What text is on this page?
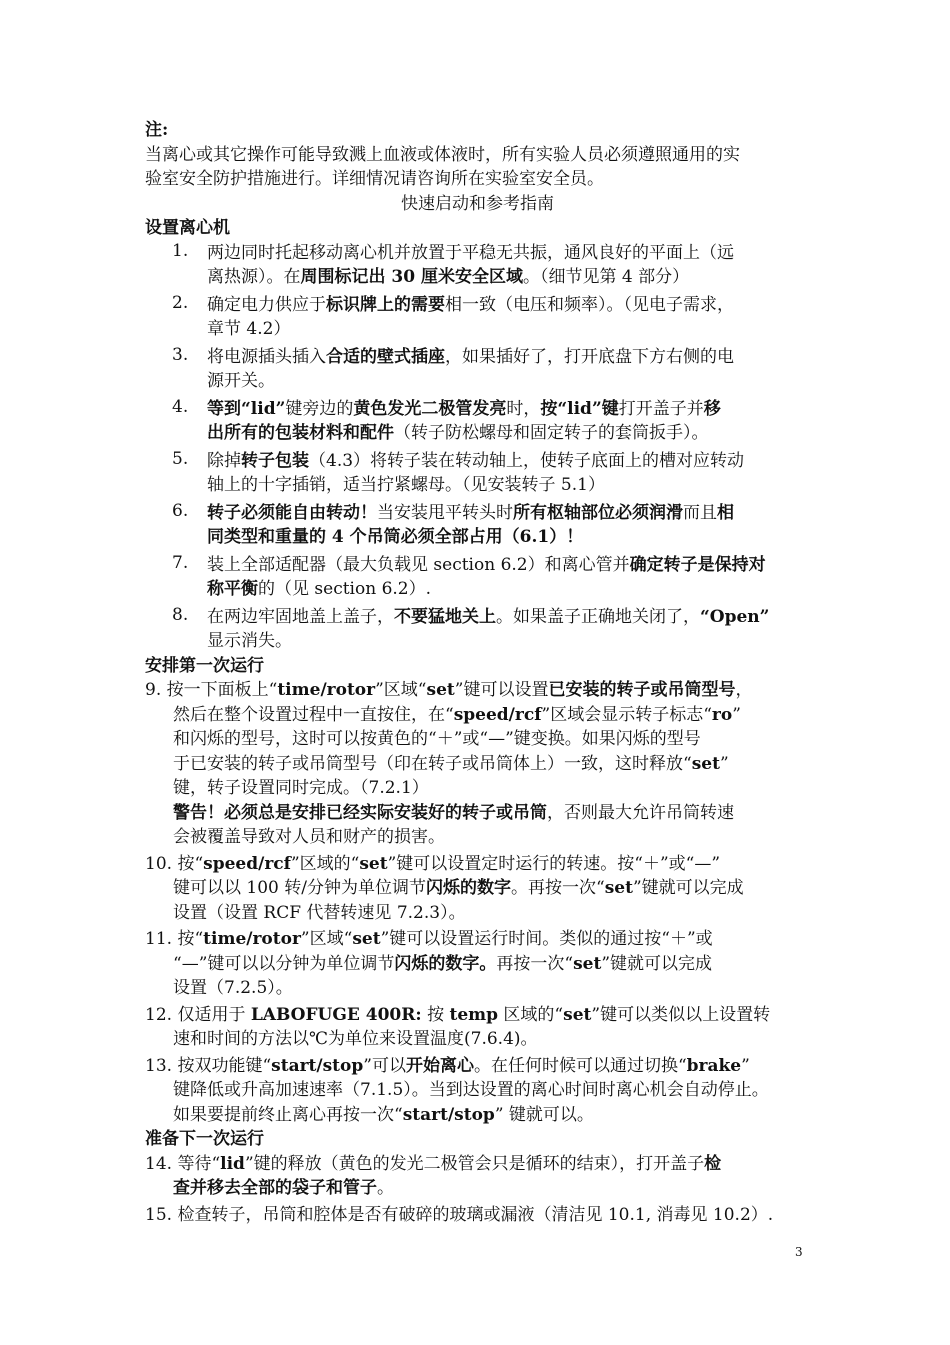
注:
当离心或其它操作可能导致溅上血液或体液时，所有实验人员必须遵照通用的实
验室安全防护措施进行。详细情况请咨询所在实验室安全员。
快速启动和参考指南
设置离心机
1. 两边同时托起移动离心机并放置于平稳无共振，通风良好的平面上（远
离热源）。在周围标记出 30 厘米安全区域。（细节见第 4 部分）
2. 确定电力供应于标识牌上的需要相一致（电压和频率）。（见电子需求，
章节 4.2）
3. 将电源插头插入合适的壁式插座，如果插好了，打开底盘下方右侧的电
源开关。
4. 等到“lid”键旁边的黄色发光二极管发亮时，按“lid”键打开盖子并移
出所有的包装材料和配件（转子防松螺母和固定转子的套筒扳手）。
5. 除掉转子包装（4.3）将转子装在转动轴上，使转子底面上的槽对应转动
轴上的十字插销，适当拧紧螺母。（见安装转子 5.1）
6. 转子必须能自由转动！当安装甩平转头时所有枢轴部位必须润滑而且相
同类型和重量的 4 个吊筒必须全部占用（6.1）！
7. 装上全部适配器（最大负载见 section 6.2）和离心管并确定转子是保持对
称平衡的（见 section 6.2）.
8. 在两边牢固地盖上盖子，不要猛地关上。如果盖子正确地关闭了，“Open”
显示消失。
安排第一次运行
9. 按一下面板上“time/rotor”区域“set”键可以设置已安装的转子或吊筒型号，
然后在整个设置过程中一直按住，在“speed/rcf”区域会显示转子标志“ro”
和闪烁的型号，这时可以按黄色的“＋”或“—”键变换。如果闪烁的型号
于已安装的转子或吊筒型号（印在转子或吊筒体上）一致，这时释放“set”
键，转子设置同时完成。（7.2.1）
警告！必须总是安排已经实际安装好的转子或吊筒，否则最大允许吊筒转速
会被覆盖导致对人员和财产的损害。
10. 按“speed/rcf”区域的“set”键可以设置定时运行的转速。按“＋”或“—”
键可以以 100 转/分钟为单位调节闪烁的数字。再按一次“set”键就可以完成
设置（设置 RCF 代替转速见 7.2.3）。
11. 按“time/rotor”区域“set”键可以设置运行时间。类似的通过按“＋”或
“—”键可以以分钟为单位调节闪烁的数字。再按一次“set”键就可以完成
设置（7.2.5）。
12. 仅适用于 LABOFUGE 400R: 按 temp 区域的“set”键可以类似以上设置转
速和时间的方法以℃为单位来设置温度(7.6.4)。
13. 按双功能键“start/stop”可以开始离心。在任何时候可以通过切换“brake”
键降低或升高加速速率（7.1.5）。当到达设置的离心时间时离心机会自动停止。
如果要提前终止离心再按一次“start/stop” 键就可以。
准备下一次运行
14. 等待“lid”键的释放（黄色的发光二极管会只是循环的结束），打开盖子检
查并移去全部的袋子和管子。
15. 检查转子，吊筒和腔体是否有破碎的玻璃或漏液（清洁见 10.1, 消毒见 10.2）.
3
